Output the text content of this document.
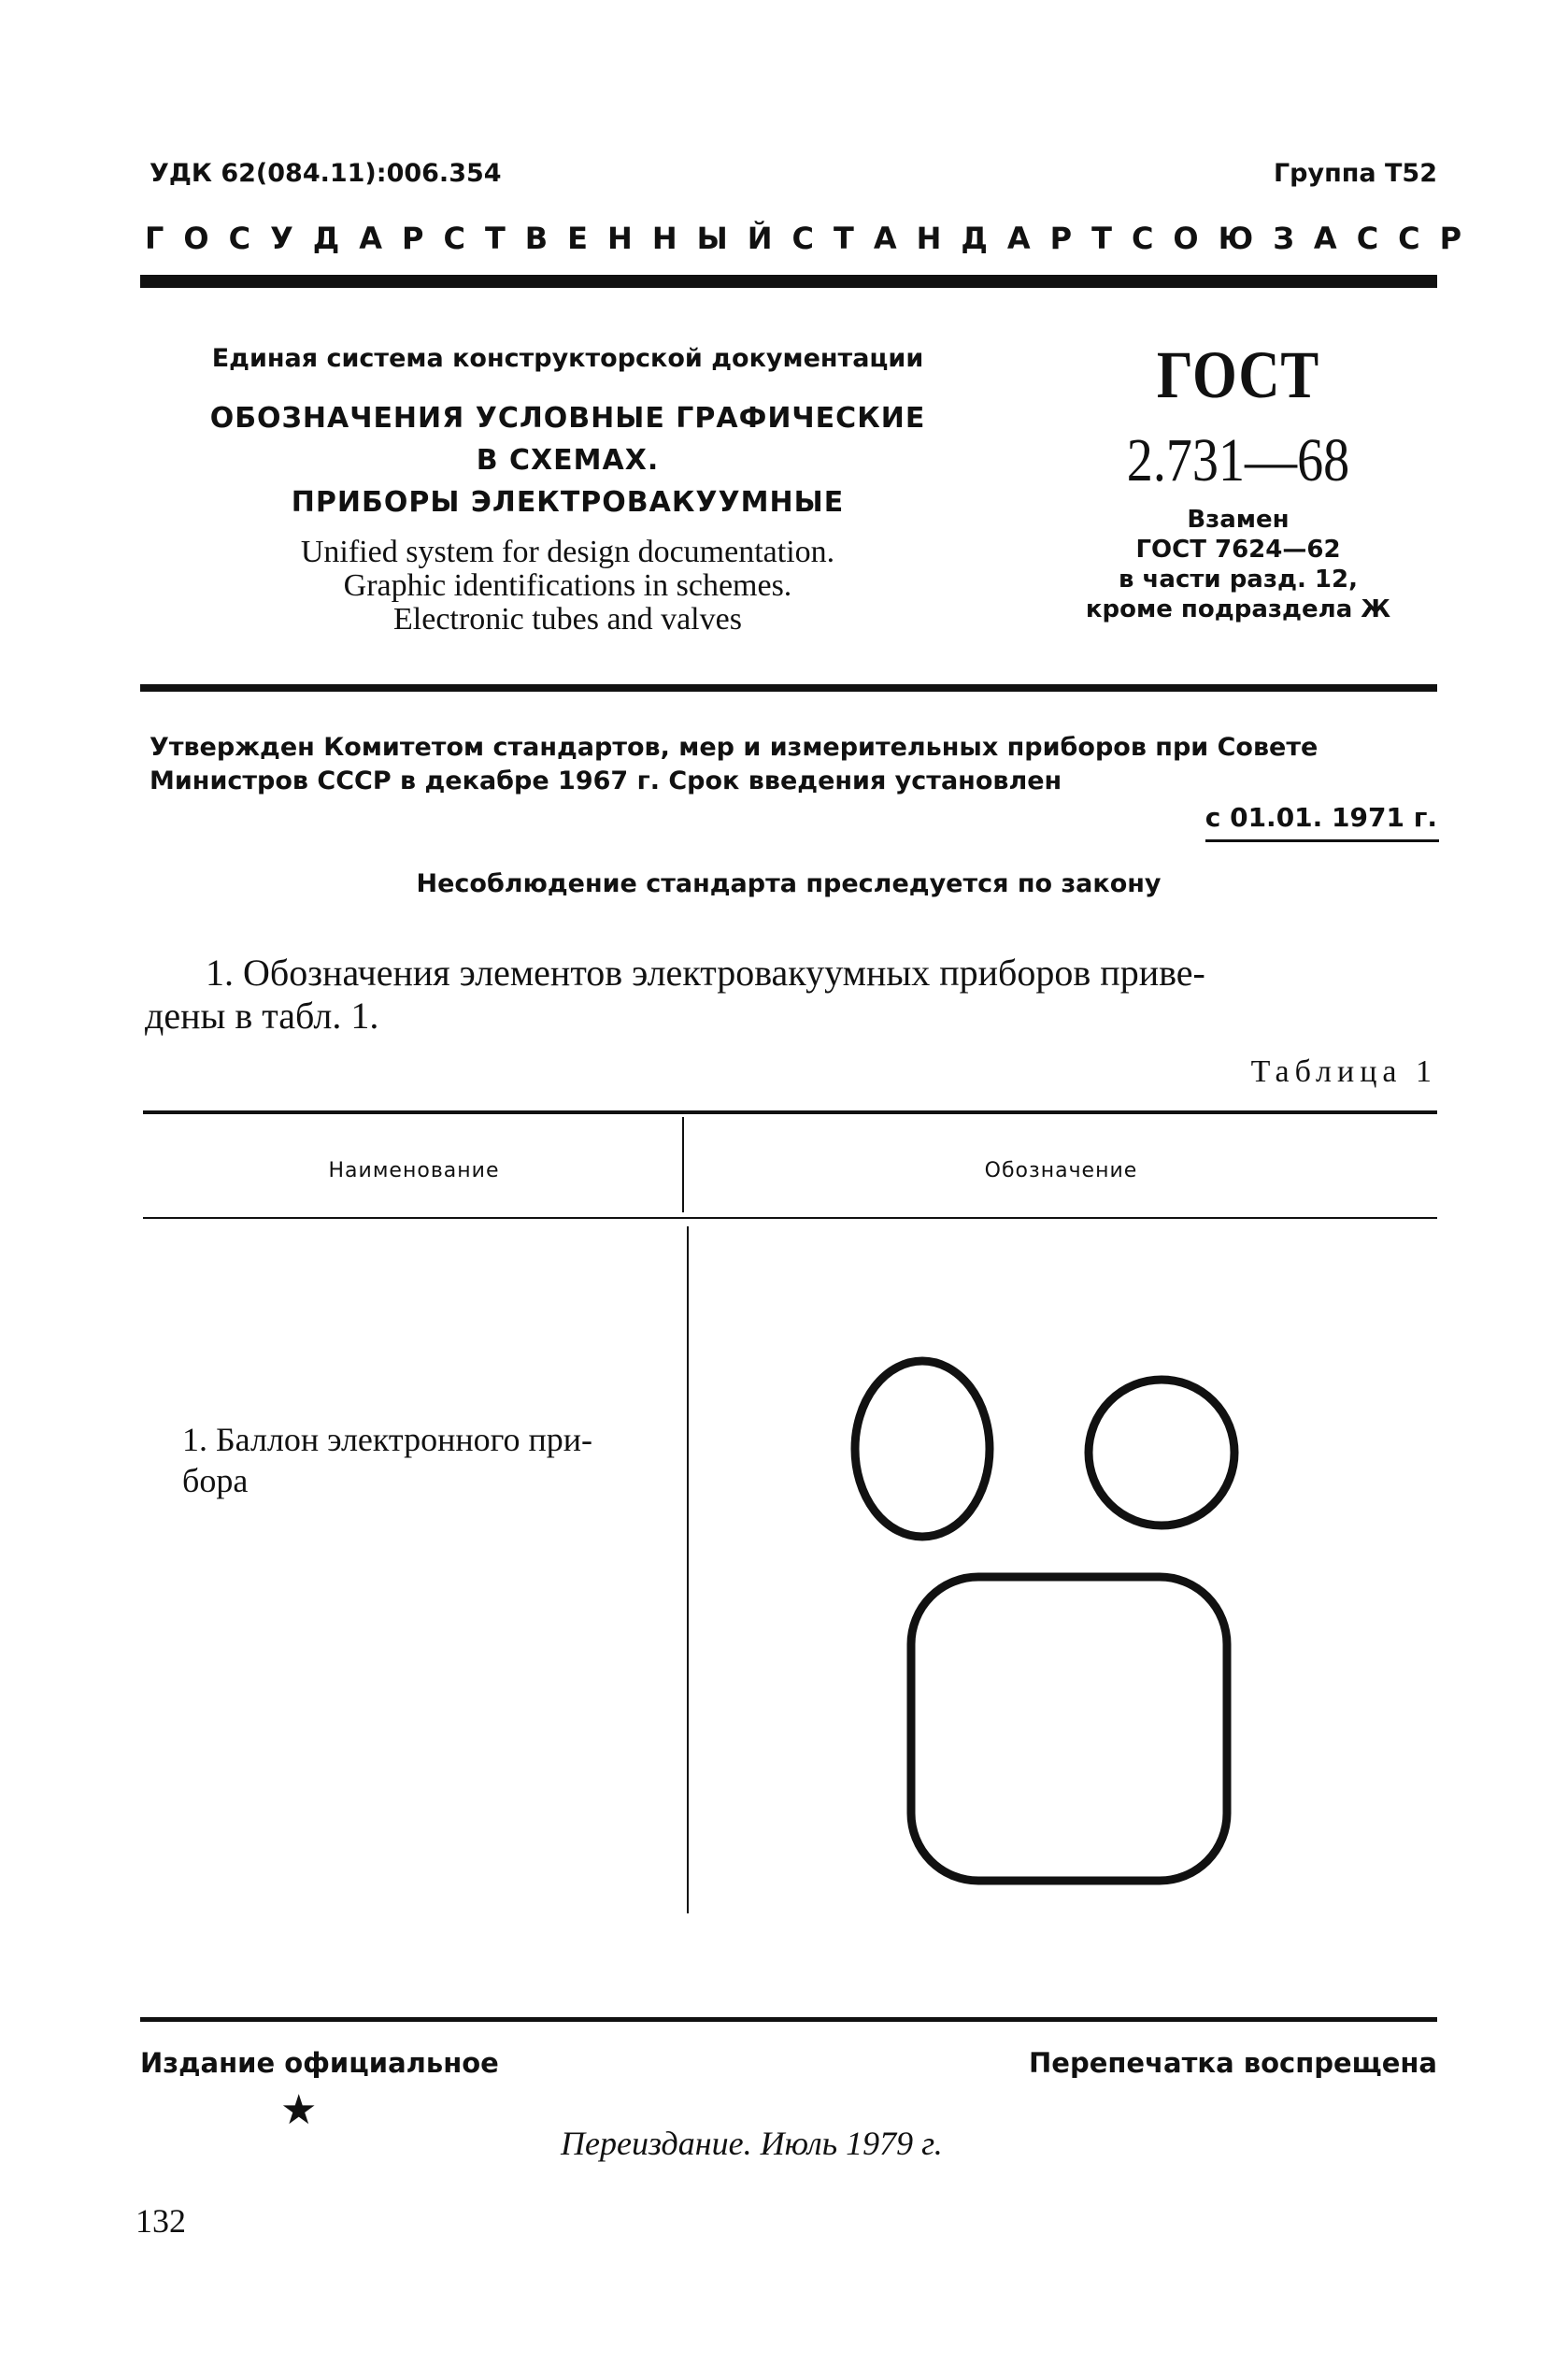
УДК 62(084.11):006.354	Группа Т52
ГОСУДАРСТВЕННЫЙ СТАНДАРТ СОЮЗА ССР
Единая система конструкторской документации
ОБОЗНАЧЕНИЯ УСЛОВНЫЕ ГРАФИЧЕСКИЕ
В СХЕМАХ.
ПРИБОРЫ ЭЛЕКТРОВАКУУМНЫЕ
Unified system for design documentation.
Graphic identifications in schemes.
Electronic tubes and valves
ГОСТ
2.731—68
Взамен
ГОСТ 7624—62
в части разд. 12,
кроме подраздела Ж
Утвержден Комитетом стандартов, мер и измерительных приборов при Совете
Министров СССР в декабре 1967 г. Срок введения установлен
с 01.01. 1971 г.
Несоблюдение стандарта преследуется по закону
1. Обозначения элементов электровакуумных приборов приве-
дены в табл. 1.
Таблица 1
Наименование	Обозначение
1. Баллон электронного при-
бора
Издание официальное	Перепечатка воспрещена
★
Переиздание. Июль 1979 г.
132
